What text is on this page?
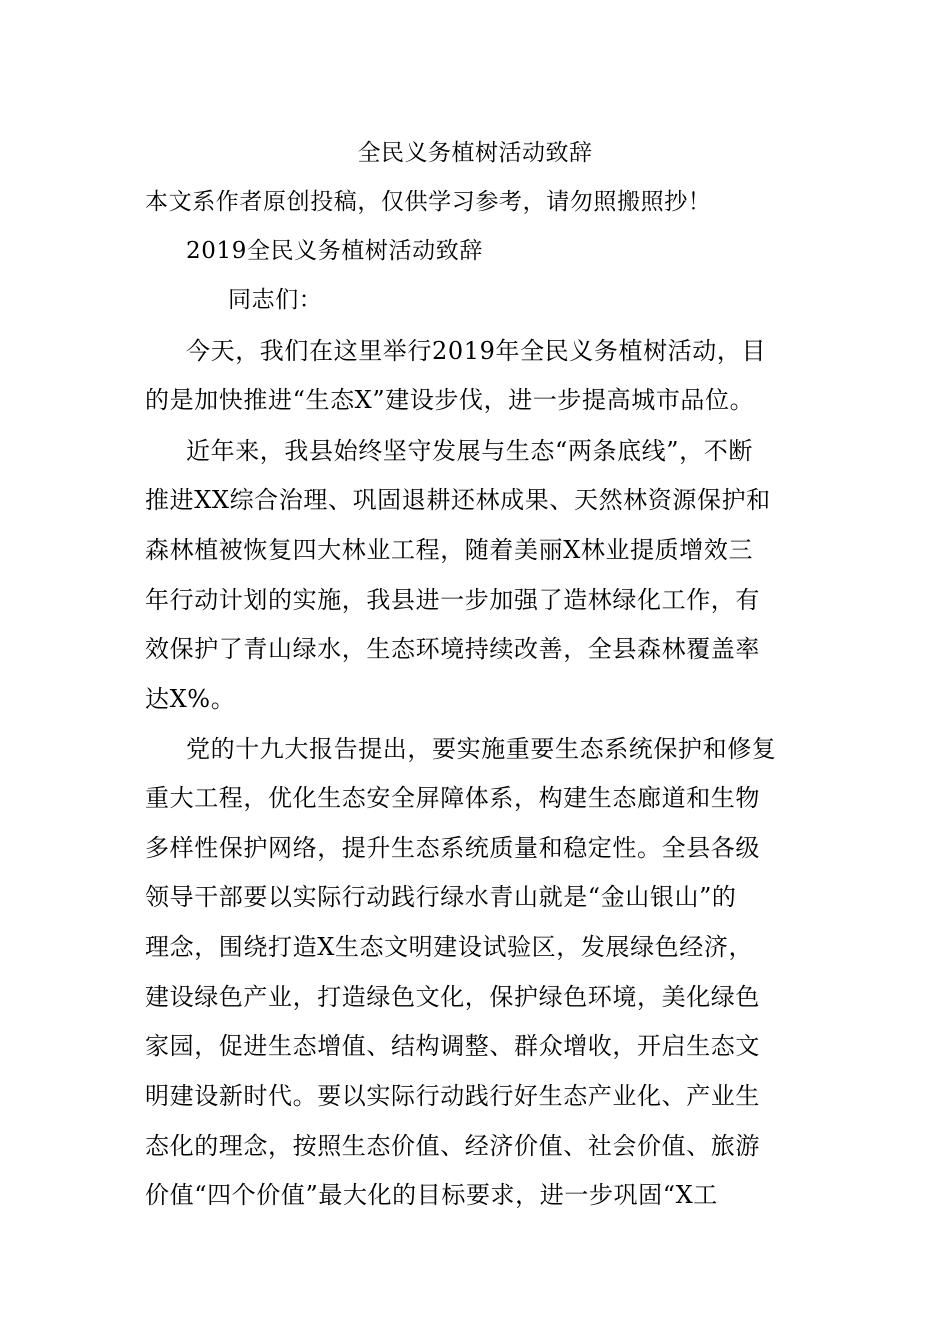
全民义务植树活动致辞
本文系作者原创投稿，仅供学习参考，请勿照搬照抄！
2019全民义务植树活动致辞
同志们：
今天，我们在这里举行2019年全民义务植树活动，目
的是加快推进“生态X”建设步伐，进一步提高城市品位。
近年来，我县始终坚守发展与生态“两条底线”，不断
推进XX综合治理、巩固退耕还林成果、天然林资源保护和
森林植被恢复四大林业工程，随着美丽X林业提质增效三
年行动计划的实施，我县进一步加强了造林绿化工作，有
效保护了青山绿水，生态环境持续改善，全县森林覆盖率
达X%。
党的十九大报告提出，要实施重要生态系统保护和修复
重大工程，优化生态安全屏障体系，构建生态廊道和生物
多样性保护网络，提升生态系统质量和稳定性。全县各级
领导干部要以实际行动践行绿水青山就是“金山银山”的
理念，围绕打造X生态文明建设试验区，发展绿色经济，
建设绿色产业，打造绿色文化，保护绿色环境，美化绿色
家园，促进生态增值、结构调整、群众增收，开启生态文
明建设新时代。要以实际行动践行好生态产业化、产业生
态化的理念，按照生态价值、经济价值、社会价值、旅游
价值“四个价值”最大化的目标要求，进一步巩固“X工
